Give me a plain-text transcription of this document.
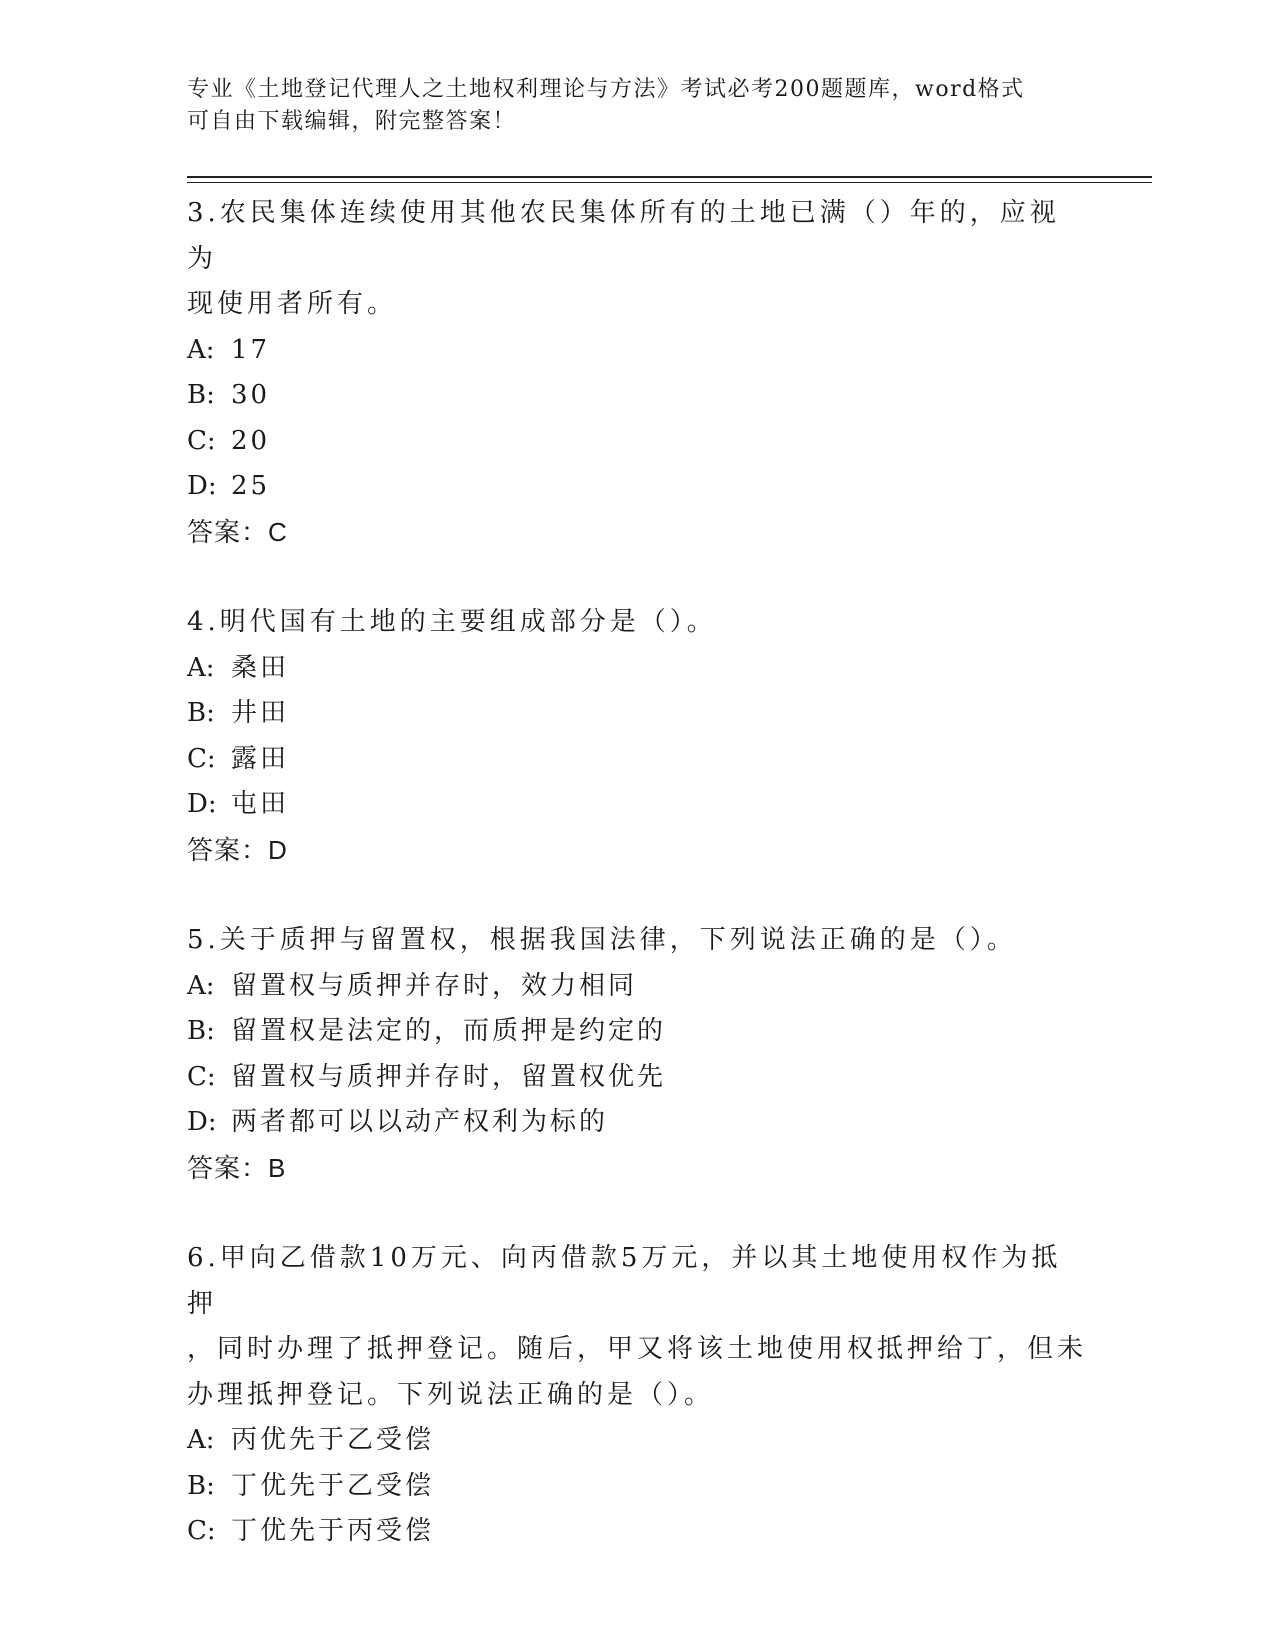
专业《土地登记代理人之土地权利理论与方法》考试必考200题题库，word格式
可自由下载编辑，附完整答案！

3.农民集体连续使用其他农民集体所有的土地已满（）年的，应视为

现使用者所有。

A: 17

B: 30

C: 20

D: 25

答案：C

4.明代国有土地的主要组成部分是（）。

A: 桑田

B: 井田

C: 露田

D: 屯田

答案：D

5.关于质押与留置权，根据我国法律，下列说法正确的是（）。

A: 留置权与质押并存时，效力相同

B: 留置权是法定的，而质押是约定的

C: 留置权与质押并存时，留置权优先

D: 两者都可以以动产权利为标的

答案：B

6.甲向乙借款10万元、向丙借款5万元，并以其土地使用权作为抵押

，同时办理了抵押登记。随后，甲又将该土地使用权抵押给丁，但未

办理抵押登记。下列说法正确的是（）。

A: 丙优先于乙受偿

B: 丁优先于乙受偿

C: 丁优先于丙受偿
